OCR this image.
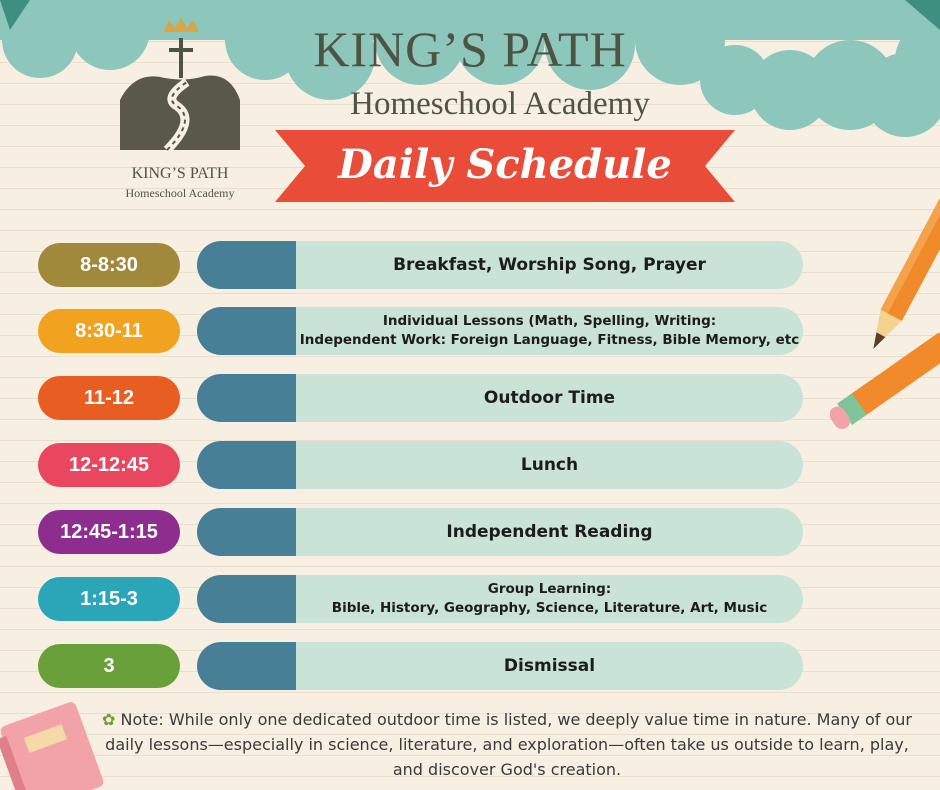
KING’S PATH
Homeschool Academy
KING’S PATH
Homeschool Academy
Daily Schedule
8-8:30	Breakfast, Worship Song, Prayer
8:30-11	Individual Lessons (Math, Spelling, Writing:
Independent Work: Foreign Language, Fitness, Bible Memory, etc
11-12	Outdoor Time
12-12:45	Lunch
12:45-1:15	Independent Reading
1:15-3	Group Learning:
Bible, History, Geography, Science, Literature, Art, Music
3	Dismissal
✿ Note: While only one dedicated outdoor time is listed, we deeply value time in nature. Many of our daily lessons—especially in science, literature, and exploration—often take us outside to learn, play, and discover God's creation.
